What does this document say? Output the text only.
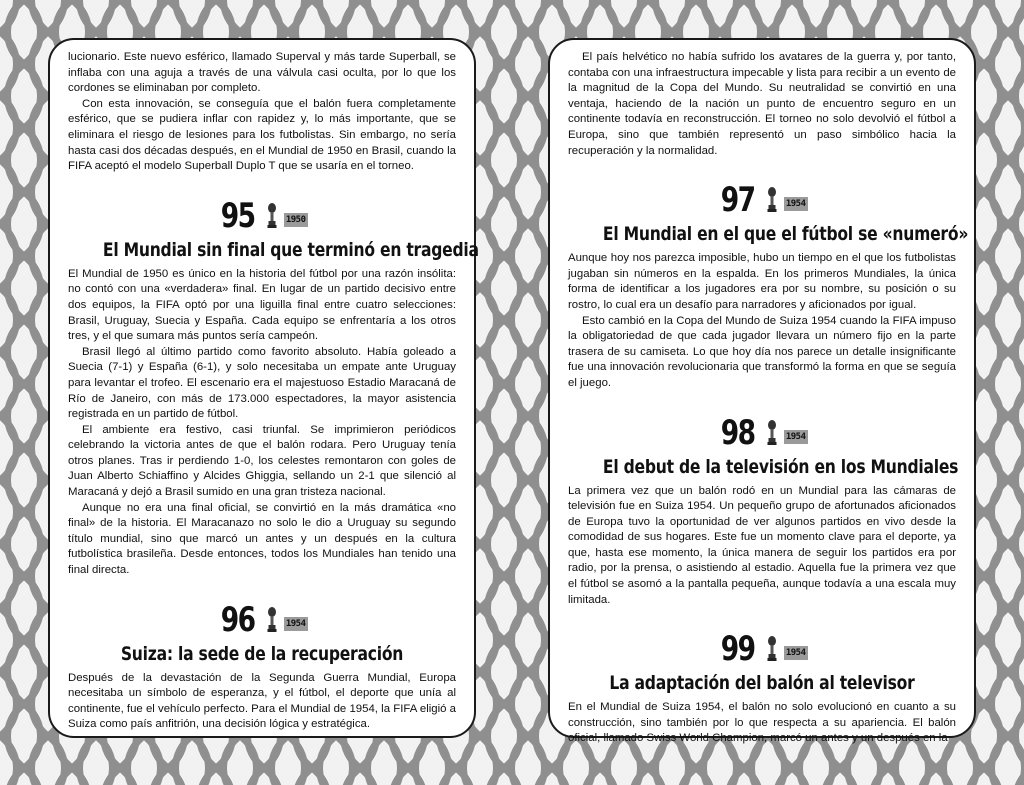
lucionario. Este nuevo esférico, llamado Superval y más tarde Superball, se inflaba con una aguja a través de una válvula casi oculta, por lo que los cordones se eliminaban por completo.

Con esta innovación, se conseguía que el balón fuera completamente esférico, que se pudiera inflar con rapidez y, lo más importante, que se eliminara el riesgo de lesiones para los futbolistas. Sin embargo, no sería hasta casi dos décadas después, en el Mundial de 1950 en Brasil, cuando la FIFA aceptó el modelo Superball Duplo T que se usaría en el torneo.

95	1950
El Mundial sin final que terminó en tragedia

El Mundial de 1950 es único en la historia del fútbol por una razón insólita: no contó con una «verdadera» final. En lugar de un partido decisivo entre dos equipos, la FIFA optó por una liguilla final entre cuatro selecciones: Brasil, Uruguay, Suecia y España. Cada equipo se enfrentaría a los otros tres, y el que sumara más puntos sería campeón.

Brasil llegó al último partido como favorito absoluto. Había goleado a Suecia (7-1) y España (6-1), y solo necesitaba un empate ante Uruguay para levantar el trofeo. El escenario era el majestuoso Estadio Maracaná de Río de Janeiro, con más de 173.000 espectadores, la mayor asistencia registrada en un partido de fútbol.

El ambiente era festivo, casi triunfal. Se imprimieron periódicos celebrando la victoria antes de que el balón rodara. Pero Uruguay tenía otros planes. Tras ir perdiendo 1-0, los celestes remontaron con goles de Juan Alberto Schiaffino y Alcides Ghiggia, sellando un 2-1 que silenció al Maracaná y dejó a Brasil sumido en una gran tristeza nacional.

Aunque no era una final oficial, se convirtió en la más dramática «no final» de la historia. El Maracanazo no solo le dio a Uruguay su segundo título mundial, sino que marcó un antes y un después en la cultura futbolística brasileña. Desde entonces, todos los Mundiales han tenido una final directa.

96	1954
Suiza: la sede de la recuperación

Después de la devastación de la Segunda Guerra Mundial, Europa necesitaba un símbolo de esperanza, y el fútbol, el deporte que unía al continente, fue el vehículo perfecto. Para el Mundial de 1954, la FIFA eligió a Suiza como país anfitrión, una decisión lógica y estratégica.

El país helvético no había sufrido los avatares de la guerra y, por tanto, contaba con una infraestructura impecable y lista para recibir a un evento de la magnitud de la Copa del Mundo. Su neutralidad se convirtió en una ventaja, haciendo de la nación un punto de encuentro seguro en un continente todavía en reconstrucción. El torneo no solo devolvió el fútbol a Europa, sino que también representó un paso simbólico hacia la recuperación y la normalidad.

97	1954
El Mundial en el que el fútbol se «numeró»

Aunque hoy nos parezca imposible, hubo un tiempo en el que los futbolistas jugaban sin números en la espalda. En los primeros Mundiales, la única forma de identificar a los jugadores era por su nombre, su posición o su rostro, lo cual era un desafío para narradores y aficionados por igual.

Esto cambió en la Copa del Mundo de Suiza 1954 cuando la FIFA impuso la obligatoriedad de que cada jugador llevara un número fijo en la parte trasera de su camiseta. Lo que hoy día nos parece un detalle insignificante fue una innovación revolucionaria que transformó la forma en que se seguía el juego.

98	1954
El debut de la televisión en los Mundiales

La primera vez que un balón rodó en un Mundial para las cámaras de televisión fue en Suiza 1954. Un pequeño grupo de afortunados aficionados de Europa tuvo la oportunidad de ver algunos partidos en vivo desde la comodidad de sus hogares. Este fue un momento clave para el deporte, ya que, hasta ese momento, la única manera de seguir los partidos era por radio, por la prensa, o asistiendo al estadio. Aquella fue la primera vez que el fútbol se asomó a la pantalla pequeña, aunque todavía a una escala muy limitada.

99	1954
La adaptación del balón al televisor

En el Mundial de Suiza 1954, el balón no solo evolucionó en cuanto a su construcción, sino también por lo que respecta a su apariencia. El balón oficial, llamado Swiss World Champion, marcó un antes y un después en la
